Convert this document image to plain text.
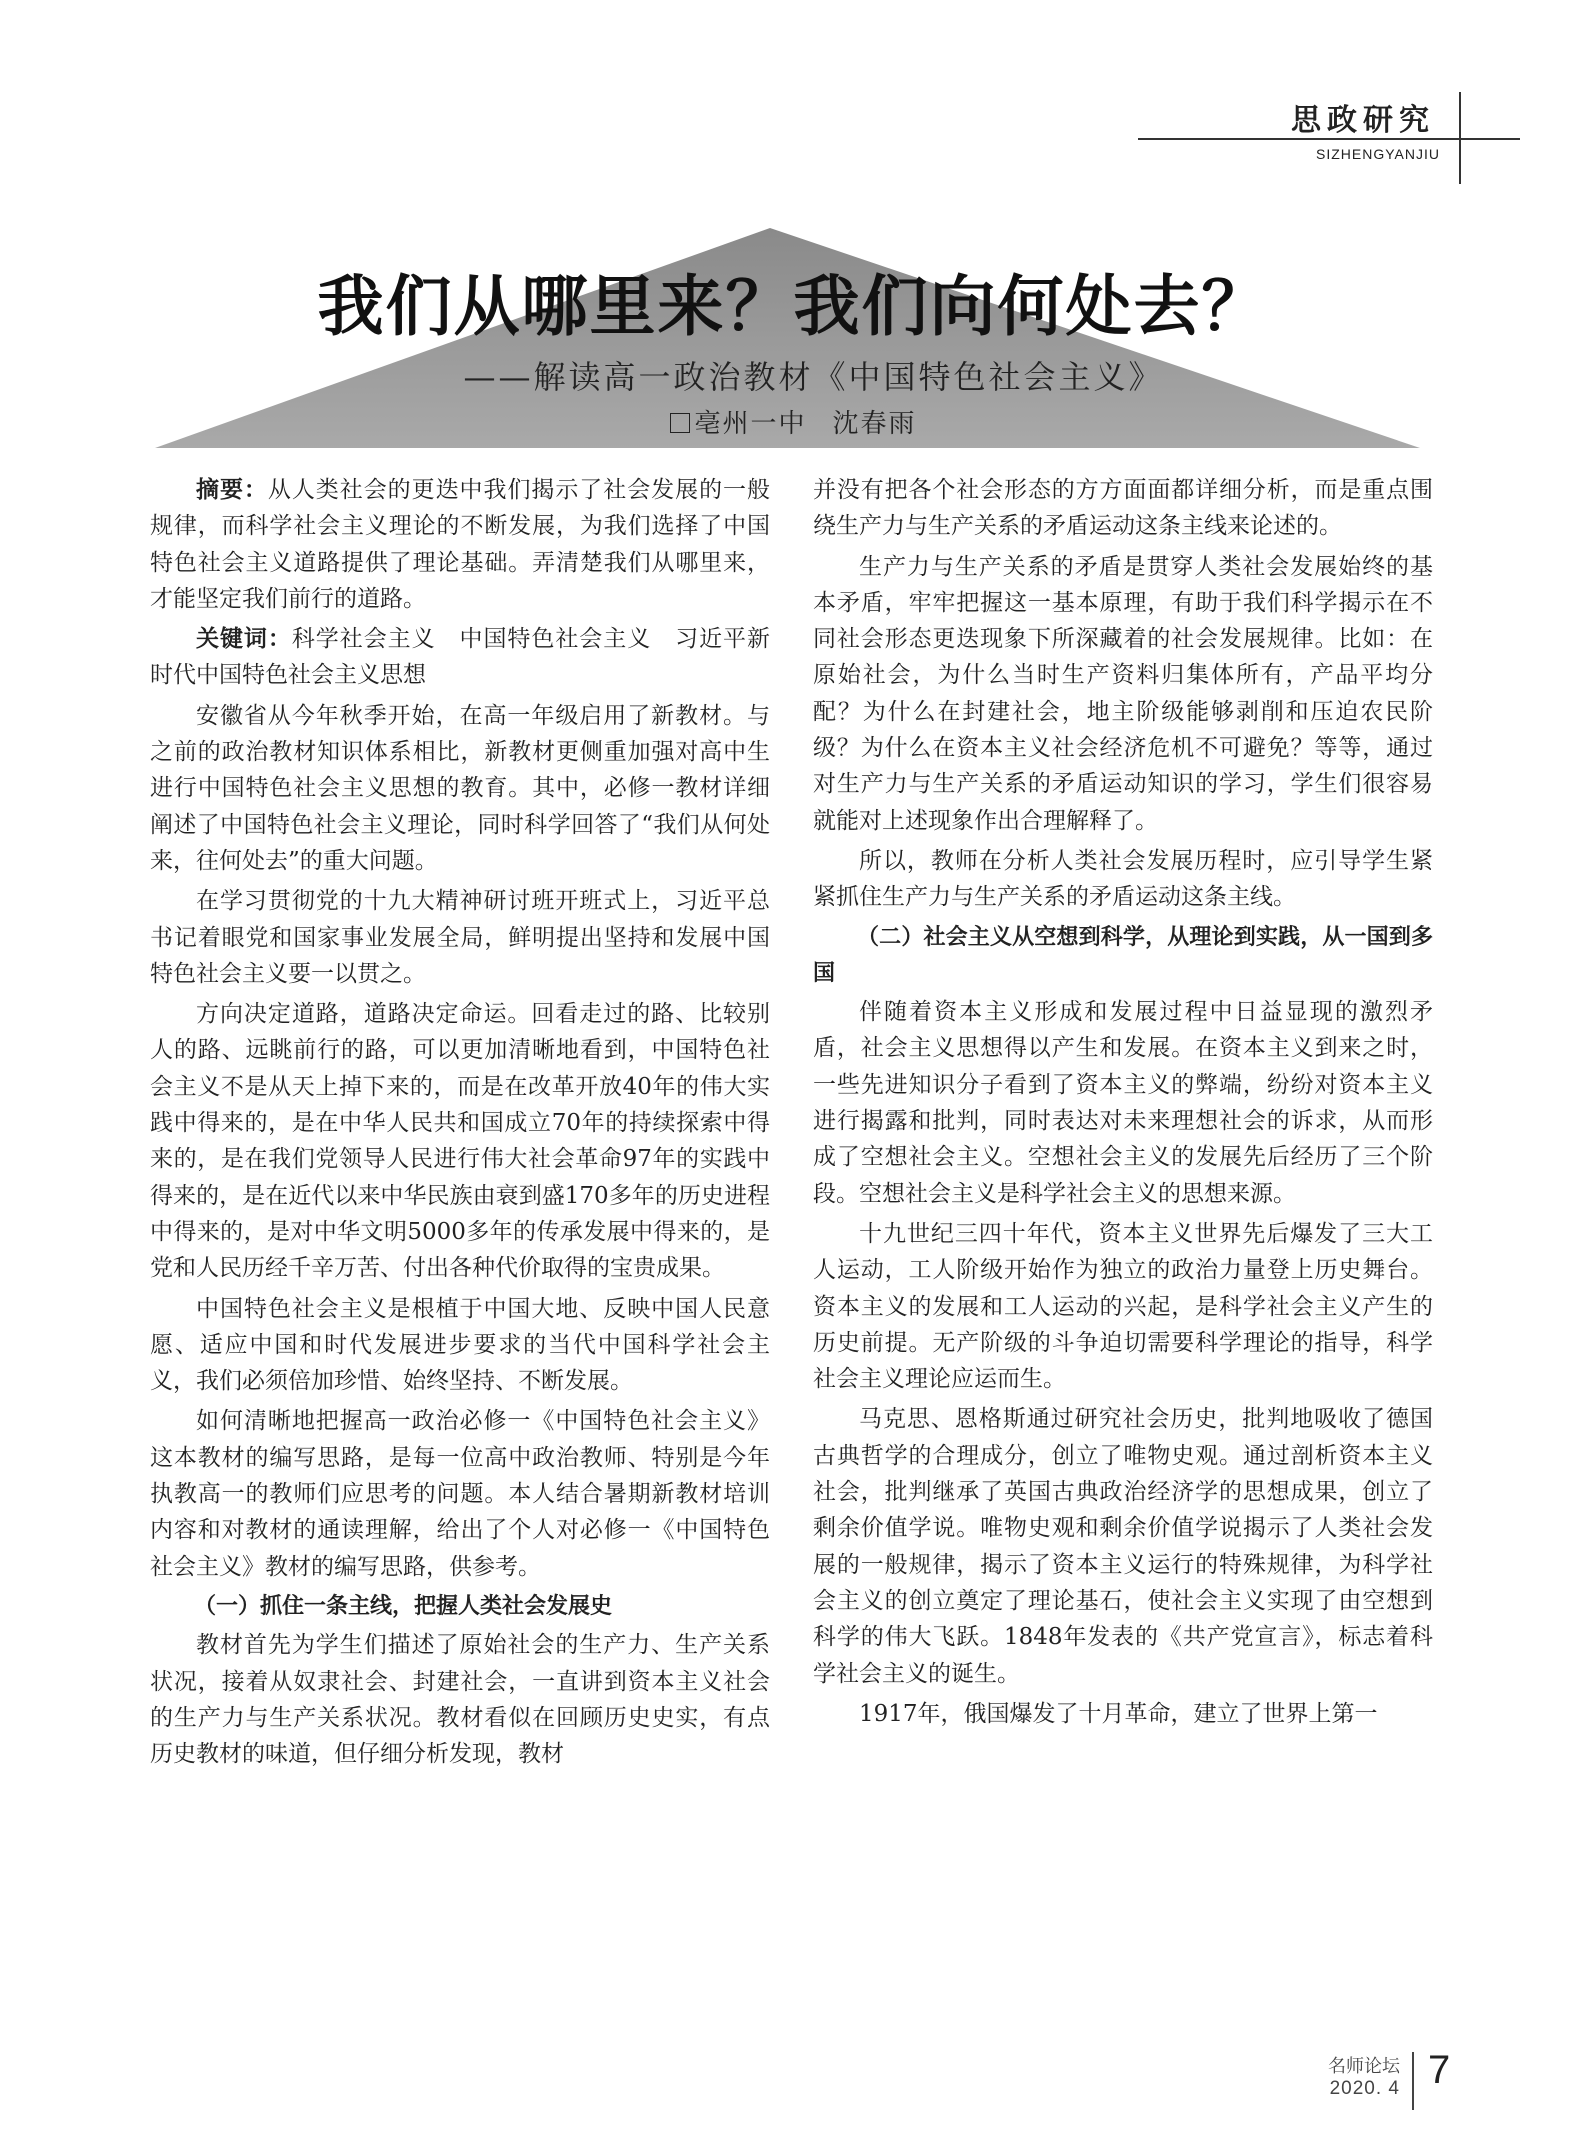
思政研究
SIZHENGYANJIU
我们从哪里来？我们向何处去？
——解读高一政治教材《中国特色社会主义》
亳州一中 沈春雨

摘要：从人类社会的更迭中我们揭示了社会发展的一般规律，而科学社会主义理论的不断发展，为我们选择了中国特色社会主义道路提供了理论基础。弄清楚我们从哪里来，才能坚定我们前行的道路。

关键词：科学社会主义　中国特色社会主义　习近平新时代中国特色社会主义思想

安徽省从今年秋季开始，在高一年级启用了新教材。与之前的政治教材知识体系相比，新教材更侧重加强对高中生进行中国特色社会主义思想的教育。其中，必修一教材详细阐述了中国特色社会主义理论，同时科学回答了“我们从何处来，往何处去”的重大问题。

在学习贯彻党的十九大精神研讨班开班式上，习近平总书记着眼党和国家事业发展全局，鲜明提出坚持和发展中国特色社会主义要一以贯之。

方向决定道路，道路决定命运。回看走过的路、比较别人的路、远眺前行的路，可以更加清晰地看到，中国特色社会主义不是从天上掉下来的，而是在改革开放40年的伟大实践中得来的，是在中华人民共和国成立70年的持续探索中得来的，是在我们党领导人民进行伟大社会革命97年的实践中得来的，是在近代以来中华民族由衰到盛170多年的历史进程中得来的，是对中华文明5000多年的传承发展中得来的，是党和人民历经千辛万苦、付出各种代价取得的宝贵成果。

中国特色社会主义是根植于中国大地、反映中国人民意愿、适应中国和时代发展进步要求的当代中国科学社会主义，我们必须倍加珍惜、始终坚持、不断发展。

如何清晰地把握高一政治必修一《中国特色社会主义》这本教材的编写思路，是每一位高中政治教师、特别是今年执教高一的教师们应思考的问题。本人结合暑期新教材培训内容和对教材的通读理解，给出了个人对必修一《中国特色社会主义》教材的编写思路，供参考。

（一）抓住一条主线，把握人类社会发展史

教材首先为学生们描述了原始社会的生产力、生产关系状况，接着从奴隶社会、封建社会，一直讲到资本主义社会的生产力与生产关系状况。教材看似在回顾历史史实，有点历史教材的味道，但仔细分析发现，教材

并没有把各个社会形态的方方面面都详细分析，而是重点围绕生产力与生产关系的矛盾运动这条主线来论述的。

生产力与生产关系的矛盾是贯穿人类社会发展始终的基本矛盾，牢牢把握这一基本原理，有助于我们科学揭示在不同社会形态更迭现象下所深藏着的社会发展规律。比如：在原始社会，为什么当时生产资料归集体所有，产品平均分配？为什么在封建社会，地主阶级能够剥削和压迫农民阶级？为什么在资本主义社会经济危机不可避免？等等，通过对生产力与生产关系的矛盾运动知识的学习，学生们很容易就能对上述现象作出合理解释了。

所以，教师在分析人类社会发展历程时，应引导学生紧紧抓住生产力与生产关系的矛盾运动这条主线。

（二）社会主义从空想到科学，从理论到实践，从一国到多国

伴随着资本主义形成和发展过程中日益显现的激烈矛盾，社会主义思想得以产生和发展。在资本主义到来之时，一些先进知识分子看到了资本主义的弊端，纷纷对资本主义进行揭露和批判，同时表达对未来理想社会的诉求，从而形成了空想社会主义。空想社会主义的发展先后经历了三个阶段。空想社会主义是科学社会主义的思想来源。

十九世纪三四十年代，资本主义世界先后爆发了三大工人运动，工人阶级开始作为独立的政治力量登上历史舞台。资本主义的发展和工人运动的兴起，是科学社会主义产生的历史前提。无产阶级的斗争迫切需要科学理论的指导，科学社会主义理论应运而生。

马克思、恩格斯通过研究社会历史，批判地吸收了德国古典哲学的合理成分，创立了唯物史观。通过剖析资本主义社会，批判继承了英国古典政治经济学的思想成果，创立了剩余价值学说。唯物史观和剩余价值学说揭示了人类社会发展的一般规律，揭示了资本主义运行的特殊规律，为科学社会主义的创立奠定了理论基石，使社会主义实现了由空想到科学的伟大飞跃。1848年发表的《共产党宣言》，标志着科学社会主义的诞生。

1917年，俄国爆发了十月革命，建立了世界上第一

名师论坛
2020. 4 7
